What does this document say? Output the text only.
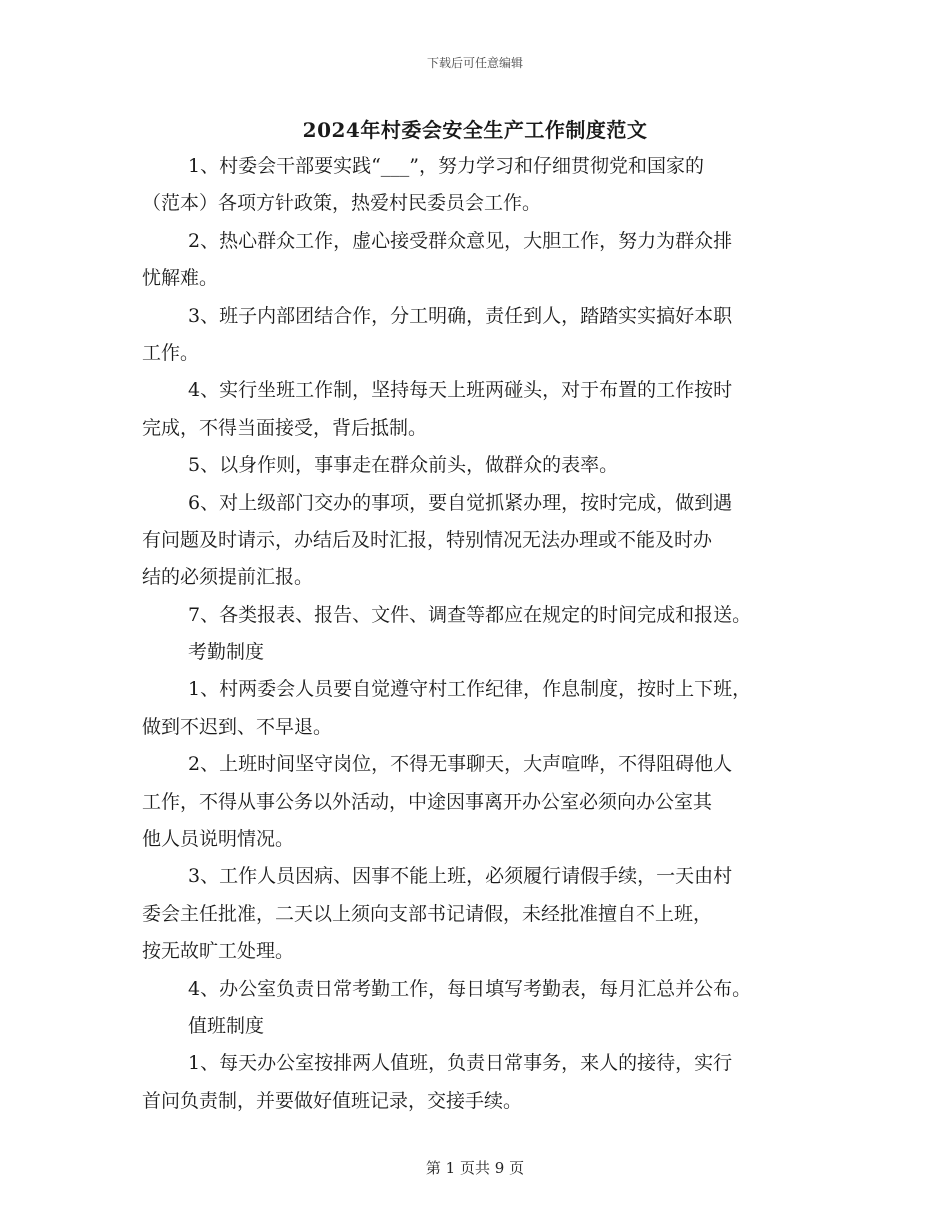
下载后可任意编辑
2024年村委会安全生产工作制度范文
1、村委会干部要实践“___”，努力学习和仔细贯彻党和国家的
（范本）各项方针政策，热爱村民委员会工作。
2、热心群众工作，虚心接受群众意见，大胆工作，努力为群众排
忧解难。
3、班子内部团结合作，分工明确，责任到人，踏踏实实搞好本职
工作。
4、实行坐班工作制，坚持每天上班两碰头，对于布置的工作按时
完成，不得当面接受，背后抵制。
5、以身作则，事事走在群众前头，做群众的表率。
6、对上级部门交办的事项，要自觉抓紧办理，按时完成，做到遇
有问题及时请示，办结后及时汇报，特别情况无法办理或不能及时办
结的必须提前汇报。
7、各类报表、报告、文件、调查等都应在规定的时间完成和报送。
考勤制度
1、村两委会人员要自觉遵守村工作纪律，作息制度，按时上下班，
做到不迟到、不早退。
2、上班时间坚守岗位，不得无事聊天，大声喧哗，不得阻碍他人
工作，不得从事公务以外活动，中途因事离开办公室必须向办公室其
他人员说明情况。
3、工作人员因病、因事不能上班，必须履行请假手续，一天由村
委会主任批准，二天以上须向支部书记请假，未经批准擅自不上班，
按无故旷工处理。
4、办公室负责日常考勤工作，每日填写考勤表，每月汇总并公布。
值班制度
1、每天办公室按排两人值班，负责日常事务，来人的接待，实行
首问负责制，并要做好值班记录，交接手续。
第 1 页共 9 页
